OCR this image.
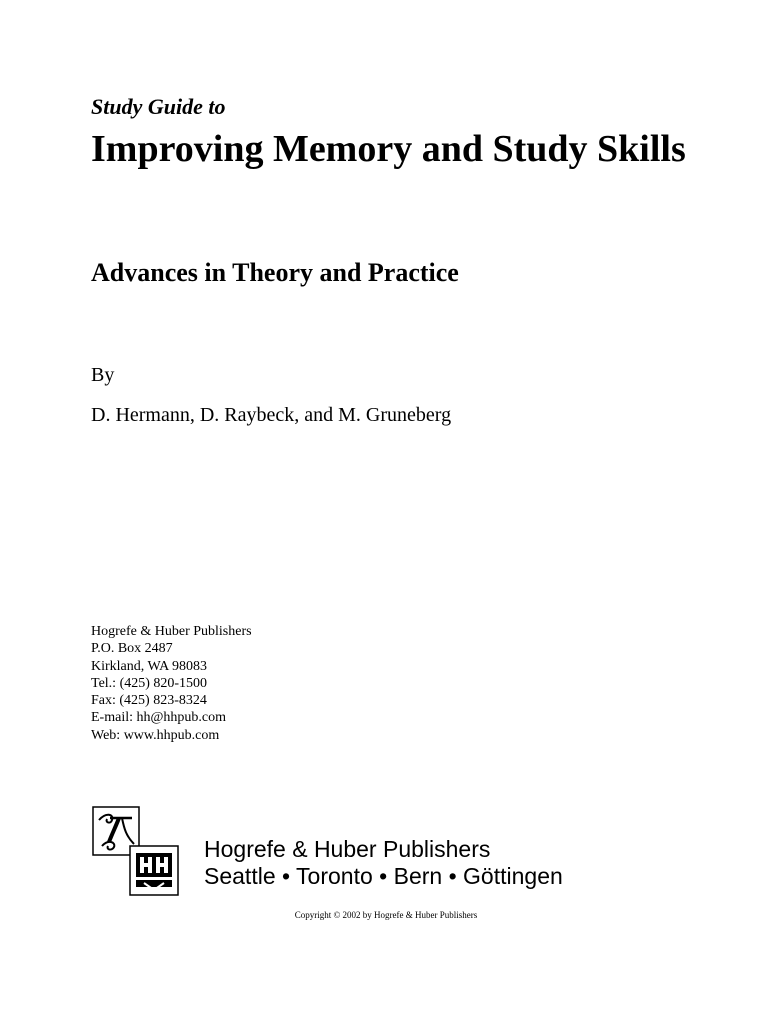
Study Guide to
Improving Memory and Study Skills
Advances in Theory and Practice
By
D. Hermann, D. Raybeck, and M. Gruneberg
Hogrefe & Huber Publishers
P.O. Box 2487
Kirkland, WA 98083
Tel.: (425) 820-1500
Fax: (425) 823-8324
E-mail: hh@hhpub.com
Web: www.hhpub.com
Hogrefe & Huber Publishers
Seattle • Toronto • Bern • Göttingen
Copyright © 2002 by Hogrefe & Huber Publishers
